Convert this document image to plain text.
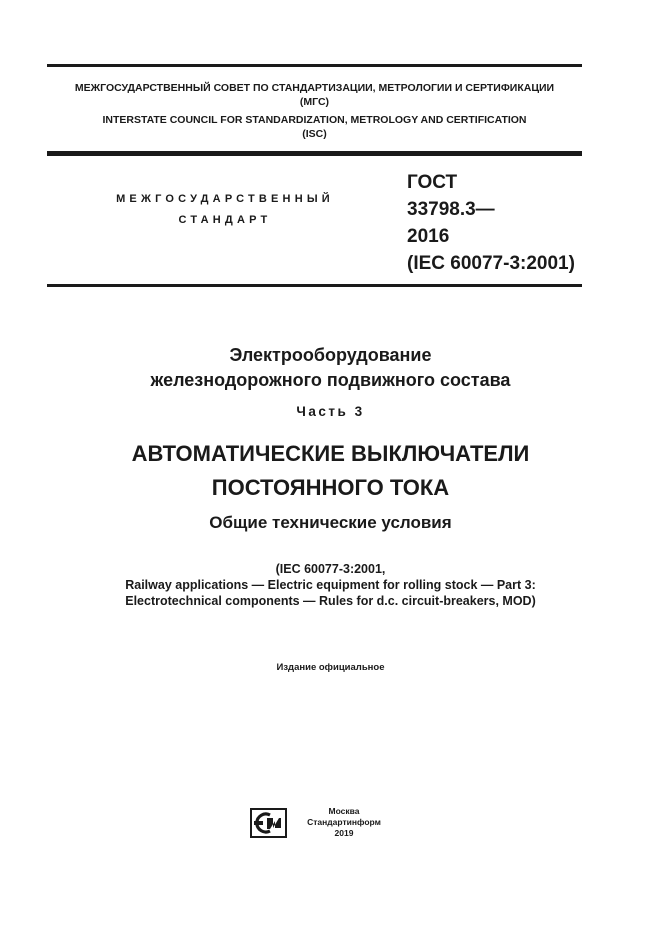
МЕЖГОСУДАРСТВЕННЫЙ СОВЕТ ПО СТАНДАРТИЗАЦИИ, МЕТРОЛОГИИ И СЕРТИФИКАЦИИ
(МГС)
INTERSTATE COUNCIL FOR STANDARDIZATION, METROLOGY AND CERTIFICATION
(ISC)
МЕЖГОСУДАРСТВЕННЫЙ
СТАНДАРТ
ГОСТ
33798.3—
2016
(IEC 60077-3:2001)
Электрооборудование
железнодорожного подвижного состава
Часть 3
АВТОМАТИЧЕСКИЕ ВЫКЛЮЧАТЕЛИ
ПОСТОЯННОГО ТОКА
Общие технические условия
(IEC 60077-3:2001,
Railway applications — Electric equipment for rolling stock — Part 3:
Electrotechnical components — Rules for d.c. circuit-breakers, MOD)
Издание официальное
Москва
Стандартинформ
2019
